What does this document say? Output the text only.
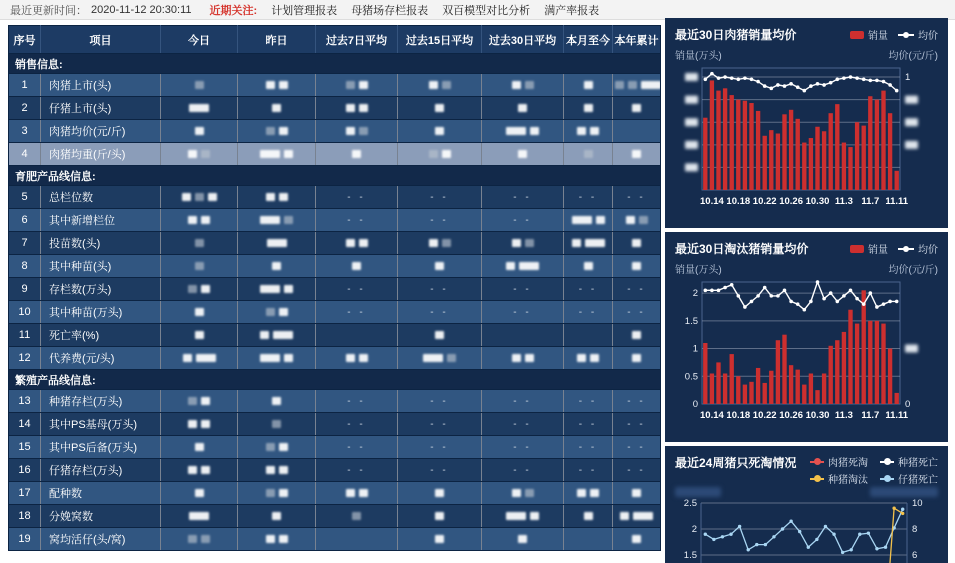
最近更新时间： 2020-11-12 20:30:11 近期关注: 计划管理报表 母猪场存栏报表 双百模型对比分析 满产率报表
序号	项目	今日	昨日	过去7日平均	过去15日平均	过去30日平均	本月至今	本年累计
销售信息:								
1	肉猪上市(头)							
2	仔猪上市(头)							
3	肉猪均价(元/斤)							
4	肉猪均重(斤/头)							
育肥产品线信息:								
5	总栏位数			- -	- -	- -	- -	- -
6	其中新增栏位			- -	- -	- -		
7	投苗数(头)							
8	其中种苗(头)							
9	存栏数(万头)			- -	- -	- -	- -	- -
10	其中种苗(万头)			- -	- -	- -	- -	- -
11	死亡率(%)							
12	代养费(元/头)							
繁殖产品线信息:								
13	种猪存栏(万头)			- -	- -	- -	- -	- -
14	其中PS基母(万头)			- -	- -	- -	- -	- -
15	其中PS后备(万头)			- -	- -	- -	- -	- -
16	仔猪存栏(万头)			- -	- -	- -	- -	- -
17	配种数							
18	分娩窝数							
19	窝均活仔(头/窝)							
最近30日肉猪销量均价	销量	均价
销量(万头)	均价(元/斤)
1
10.14 10.18 10.22 10.26 10.30 11.3 11.7 11.11
最近30日淘汰猪销量均价	销量	均价
销量(万头)	均价(元/斤)
2
1.5
1
0.5
0	0
10.14 10.18 10.22 10.26 10.30 11.3 11.7 11.11
最近24周猪只死淘情况	肉猪死淘	种猪死亡
种猪淘汰	仔猪死亡
2.5	10
2	8
1.5	6
